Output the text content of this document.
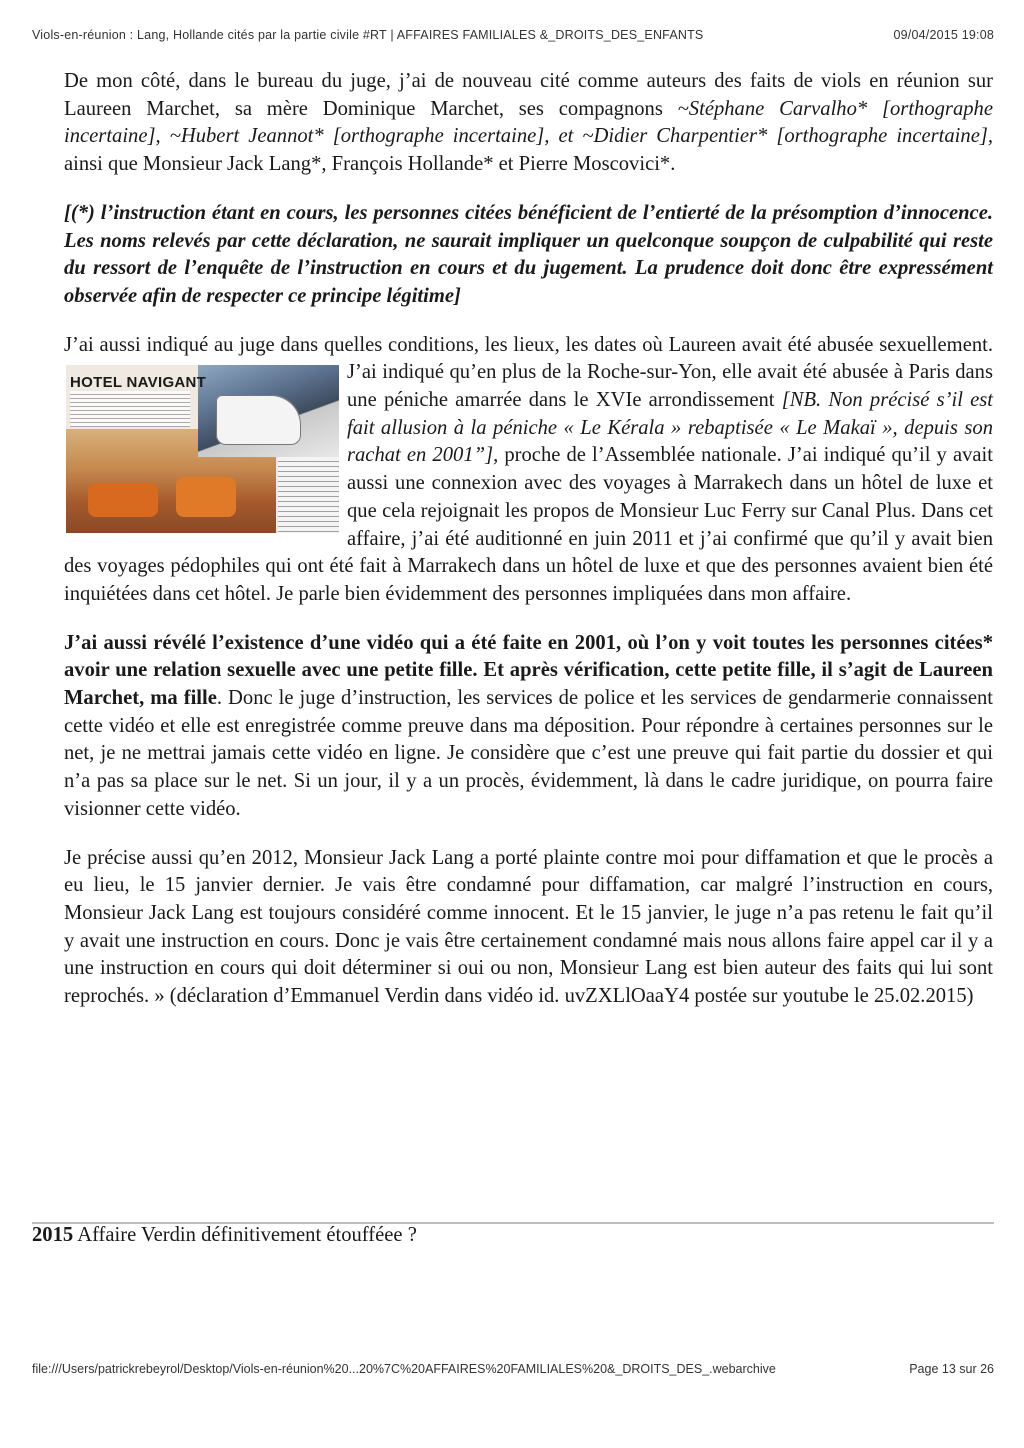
Viols-en-réunion : Lang, Hollande cités par la partie civile #RT | AFFAIRES FAMILIALES &_DROITS_DES_ENFANTS	09/04/2015 19:08

De mon côté, dans le bureau du juge, j’ai de nouveau cité comme auteurs des faits de viols en réunion sur Laureen Marchet, sa mère Dominique Marchet, ses compagnons ~Stéphane Carvalho* [orthographe incertaine], ~Hubert Jeannot* [orthographe incertaine], et ~Didier Charpentier* [orthographe incertaine], ainsi que Monsieur Jack Lang*, François Hollande* et Pierre Moscovici*.

[(*) l’instruction étant en cours, les personnes citées bénéficient de l’entierté de la présomption d’innocence. Les noms relevés par cette déclaration, ne saurait impliquer un quelconque soupçon de culpabilité qui reste du ressort de l’enquête de l’instruction en cours et du jugement. La prudence doit donc être expressément observée afin de respecter ce principe légitime]

J’ai aussi indiqué au juge dans quelles conditions, les lieux, les dates où Laureen avait été abusée sexuellement. J’ai indiqué qu’en plus de la Roche-sur-Yon, elle avait été abusée à Paris
HOTEL NAVIGANT	dans une péniche amarrée dans le XVIe arrondissement [NB. Non précisé s’il est fait allusion à la péniche « Le Kérala » rebaptisée « Le Makaï », depuis son rachat en 2001”], proche de l’Assemblée nationale. J’ai indiqué qu’il y avait aussi une connexion avec des voyages à Marrakech dans un hôtel de luxe et que cela rejoignait les propos de Monsieur Luc Ferry sur Canal Plus. Dans cet affaire, j’ai été auditionné en juin 2011 et j’ai confirmé que qu’il y avait bien des voyages pédophiles qui ont été fait à Marrakech dans un hôtel de luxe et que des personnes avaient bien été inquiétées dans cet hôtel. Je parle bien évidemment des personnes impliquées dans mon affaire.

J’ai aussi révélé l’existence d’une vidéo qui a été faite en 2001, où l’on y voit toutes les personnes citées* avoir une relation sexuelle avec une petite fille. Et après vérification, cette petite fille, il s’agit de Laureen Marchet, ma fille. Donc le juge d’instruction, les services de police et les services de gendarmerie connaissent cette vidéo et elle est enregistrée comme preuve dans ma déposition. Pour répondre à certaines personnes sur le net, je ne mettrai jamais cette vidéo en ligne. Je considère que c’est une preuve qui fait partie du dossier et qui n’a pas sa place sur le net. Si un jour, il y a un procès, évidemment, là dans le cadre juridique, on pourra faire visionner cette vidéo.

Je précise aussi qu’en 2012, Monsieur Jack Lang a porté plainte contre moi pour diffamation et que le procès a eu lieu, le 15 janvier dernier. Je vais être condamné pour diffamation, car malgré l’instruction en cours, Monsieur Jack Lang est toujours considéré comme innocent. Et le 15 janvier, le juge n’a pas retenu le fait qu’il y avait une instruction en cours. Donc je vais être certainement condamné mais nous allons faire appel car il y a une instruction en cours qui doit déterminer si oui ou non, Monsieur Lang est bien auteur des faits qui lui sont reprochés. » (déclaration d’Emmanuel Verdin dans vidéo id. uvZXLlOaaY4 postée sur youtube le 25.02.2015)

2015 Affaire Verdin définitivement étoufféee ?
file:///Users/patrickrebeyrol/Desktop/Viols-en-réunion%20...20%7C%20AFFAIRES%20FAMILIALES%20&_DROITS_DES_.webarchive	Page 13 sur 26
